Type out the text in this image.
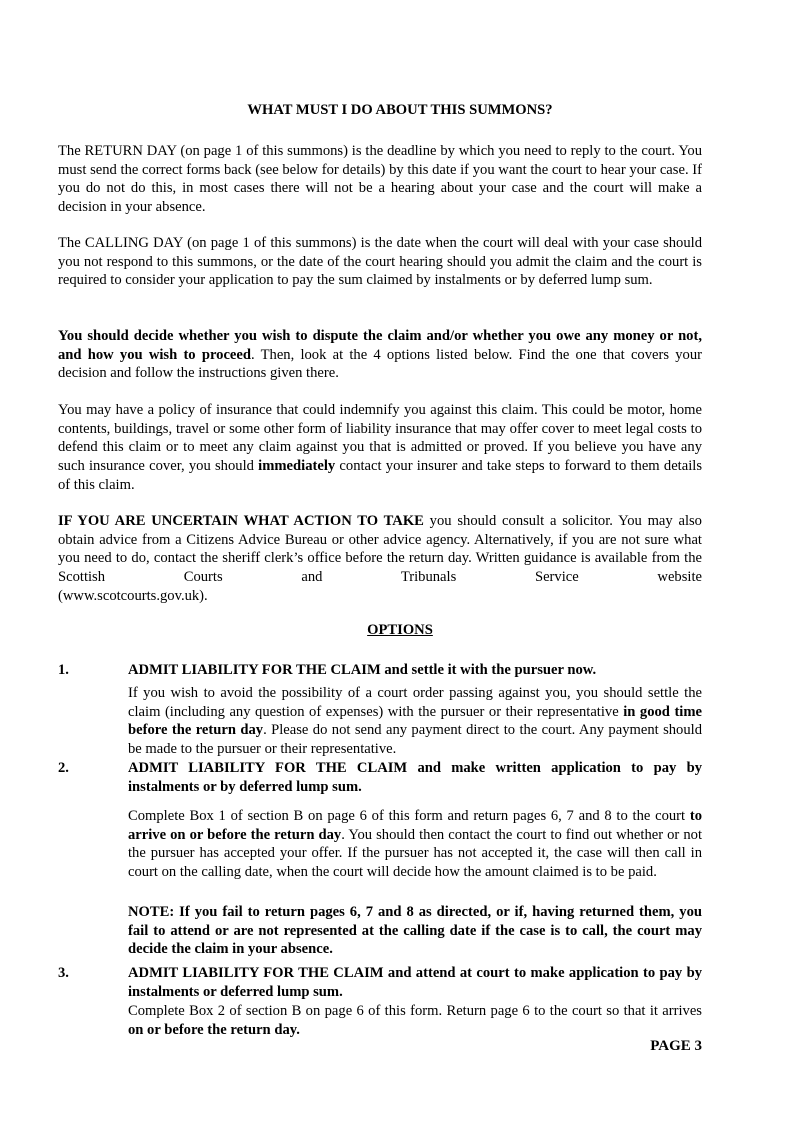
WHAT MUST I DO ABOUT THIS SUMMONS?
The RETURN DAY (on page 1 of this summons) is the deadline by which you need to reply to the court. You must send the correct forms back (see below for details) by this date if you want the court to hear your case. If you do not do this, in most cases there will not be a hearing about your case and the court will make a decision in your absence.
The CALLING DAY (on page 1 of this summons) is the date when the court will deal with your case should you not respond to this summons, or the date of the court hearing should you admit the claim and the court is required to consider your application to pay the sum claimed by instalments or by deferred lump sum.
You should decide whether you wish to dispute the claim and/or whether you owe any money or not, and how you wish to proceed. Then, look at the 4 options listed below. Find the one that covers your decision and follow the instructions given there.
You may have a policy of insurance that could indemnify you against this claim. This could be motor, home contents, buildings, travel or some other form of liability insurance that may offer cover to meet legal costs to defend this claim or to meet any claim against you that is admitted or proved. If you believe you have any such insurance cover, you should immediately contact your insurer and take steps to forward to them details of this claim.
IF YOU ARE UNCERTAIN WHAT ACTION TO TAKE you should consult a solicitor. You may also obtain advice from a Citizens Advice Bureau or other advice agency. Alternatively, if you are not sure what you need to do, contact the sheriff clerk’s office before the return day. Written guidance is available from the Scottish Courts and Tribunals Service website
(www.scotcourts.gov.uk).
OPTIONS
1.	ADMIT LIABILITY FOR THE CLAIM and settle it with the pursuer now.
If you wish to avoid the possibility of a court order passing against you, you should settle the claim (including any question of expenses) with the pursuer or their representative in good time before the return day. Please do not send any payment direct to the court. Any payment should be made to the pursuer or their representative.
2.	ADMIT LIABILITY FOR THE CLAIM and make written application to pay by instalments or by deferred lump sum.
Complete Box 1 of section B on page 6 of this form and return pages 6, 7 and 8 to the court to arrive on or before the return day. You should then contact the court to find out whether or not the pursuer has accepted your offer. If the pursuer has not accepted it, the case will then call in court on the calling date, when the court will decide how the amount claimed is to be paid.
NOTE: If you fail to return pages 6, 7 and 8 as directed, or if, having returned them, you fail to attend or are not represented at the calling date if the case is to call, the court may decide the claim in your absence.
3.	ADMIT LIABILITY FOR THE CLAIM and attend at court to make application to pay by instalments or deferred lump sum.
Complete Box 2 of section B on page 6 of this form. Return page 6 to the court so that it arrives on or before the return day.
PAGE 3
